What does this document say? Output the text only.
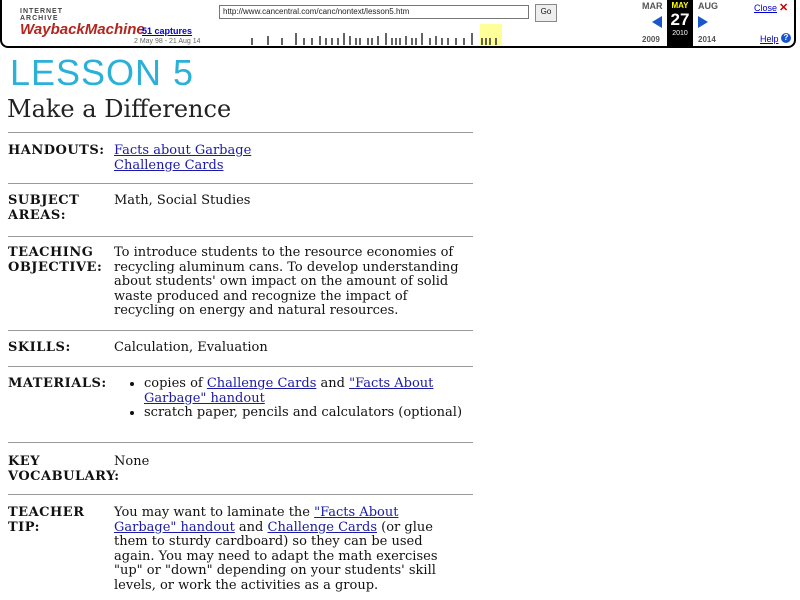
INTERNET ARCHIVE
WaybackMachine
http://www.cancentral.com/canc/nontext/lesson5.htm	Go
51 captures
2 May 98 - 21 Aug 14
MAR	AUG
MAY
27
2010
2009	2014
Close ✕
Help ?
LESSON 5
Make a Difference
HANDOUTS: Facts about Garbage
Challenge Cards
SUBJECT
AREAS:
Math, Social Studies
TEACHING
OBJECTIVE:
To introduce students to the resource economies of recycling aluminum cans. To develop understanding about students' own impact on the amount of solid waste produced and recognize the impact of recycling on energy and natural resources.
SKILLS:	Calculation, Evaluation
MATERIALS:
•	copies of Challenge Cards and "Facts About Garbage" handout
• scratch paper, pencils and calculators (optional)
KEY
VOCABULARY:
None
TEACHER
TIP:
You may want to laminate the "Facts About Garbage" handout and Challenge Cards (or glue them to sturdy cardboard) so they can be used again. You may need to adapt the math exercises "up" or "down" depending on your students' skill levels, or work the activities as a group.
